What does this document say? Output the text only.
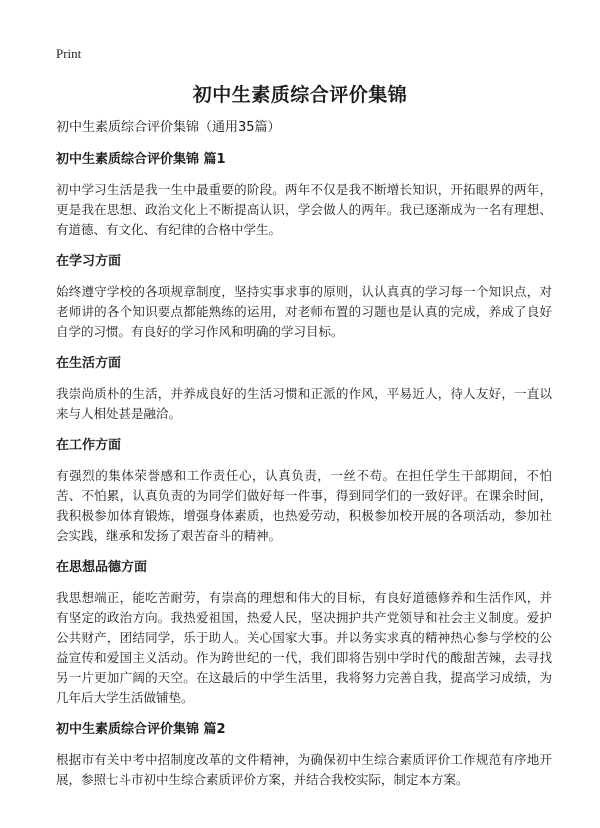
Print
初中生素质综合评价集锦

初中生素质综合评价集锦（通用35篇）

初中生素质综合评价集锦 篇1

初中学习生活是我一生中最重要的阶段。两年不仅是我不断增长知识，开拓眼界的两年，更是我在思想、政治文化上不断提高认识，学会做人的两年。我已逐渐成为一名有理想、有道德、有文化、有纪律的合格中学生。

在学习方面

始终遵守学校的各项规章制度，坚持实事求事的原则，认认真真的学习每一个知识点，对老师讲的各个知识要点都能熟练的运用，对老师布置的习题也是认真的完成，养成了良好自学的习惯。有良好的学习作风和明确的学习目标。

在生活方面

我崇尚质朴的生活，并养成良好的生活习惯和正派的作风，平易近人，待人友好，一直以来与人相处甚是融洽。

在工作方面

有强烈的集体荣誉感和工作责任心，认真负责，一丝不苟。在担任学生干部期间，不怕苦、不怕累，认真负责的为同学们做好每一件事，得到同学们的一致好评。在课余时间，我积极参加体育锻炼，增强身体素质，也热爱劳动，积极参加校开展的各项活动，参加社会实践，继承和发扬了艰苦奋斗的精神。

在思想品德方面

我思想端正，能吃苦耐劳，有崇高的理想和伟大的目标，有良好道德修养和生活作风，并有坚定的政治方向。我热爱祖国，热爱人民，坚决拥护共产党领导和社会主义制度。爱护公共财产，团结同学，乐于助人。关心国家大事。并以务实求真的精神热心参与学校的公益宣传和爱国主义活动。作为跨世纪的一代，我们即将告别中学时代的酸甜苦辣，去寻找另一片更加广阔的天空。在这最后的中学生活里，我将努力完善自我，提高学习成绩，为几年后大学生活做铺垫。

初中生素质综合评价集锦 篇2

根据市有关中考中招制度改革的文件精神，为确保初中生综合素质评价工作规范有序地开展，参照七斗市初中生综合素质评价方案，并结合我校实际，制定本方案。
